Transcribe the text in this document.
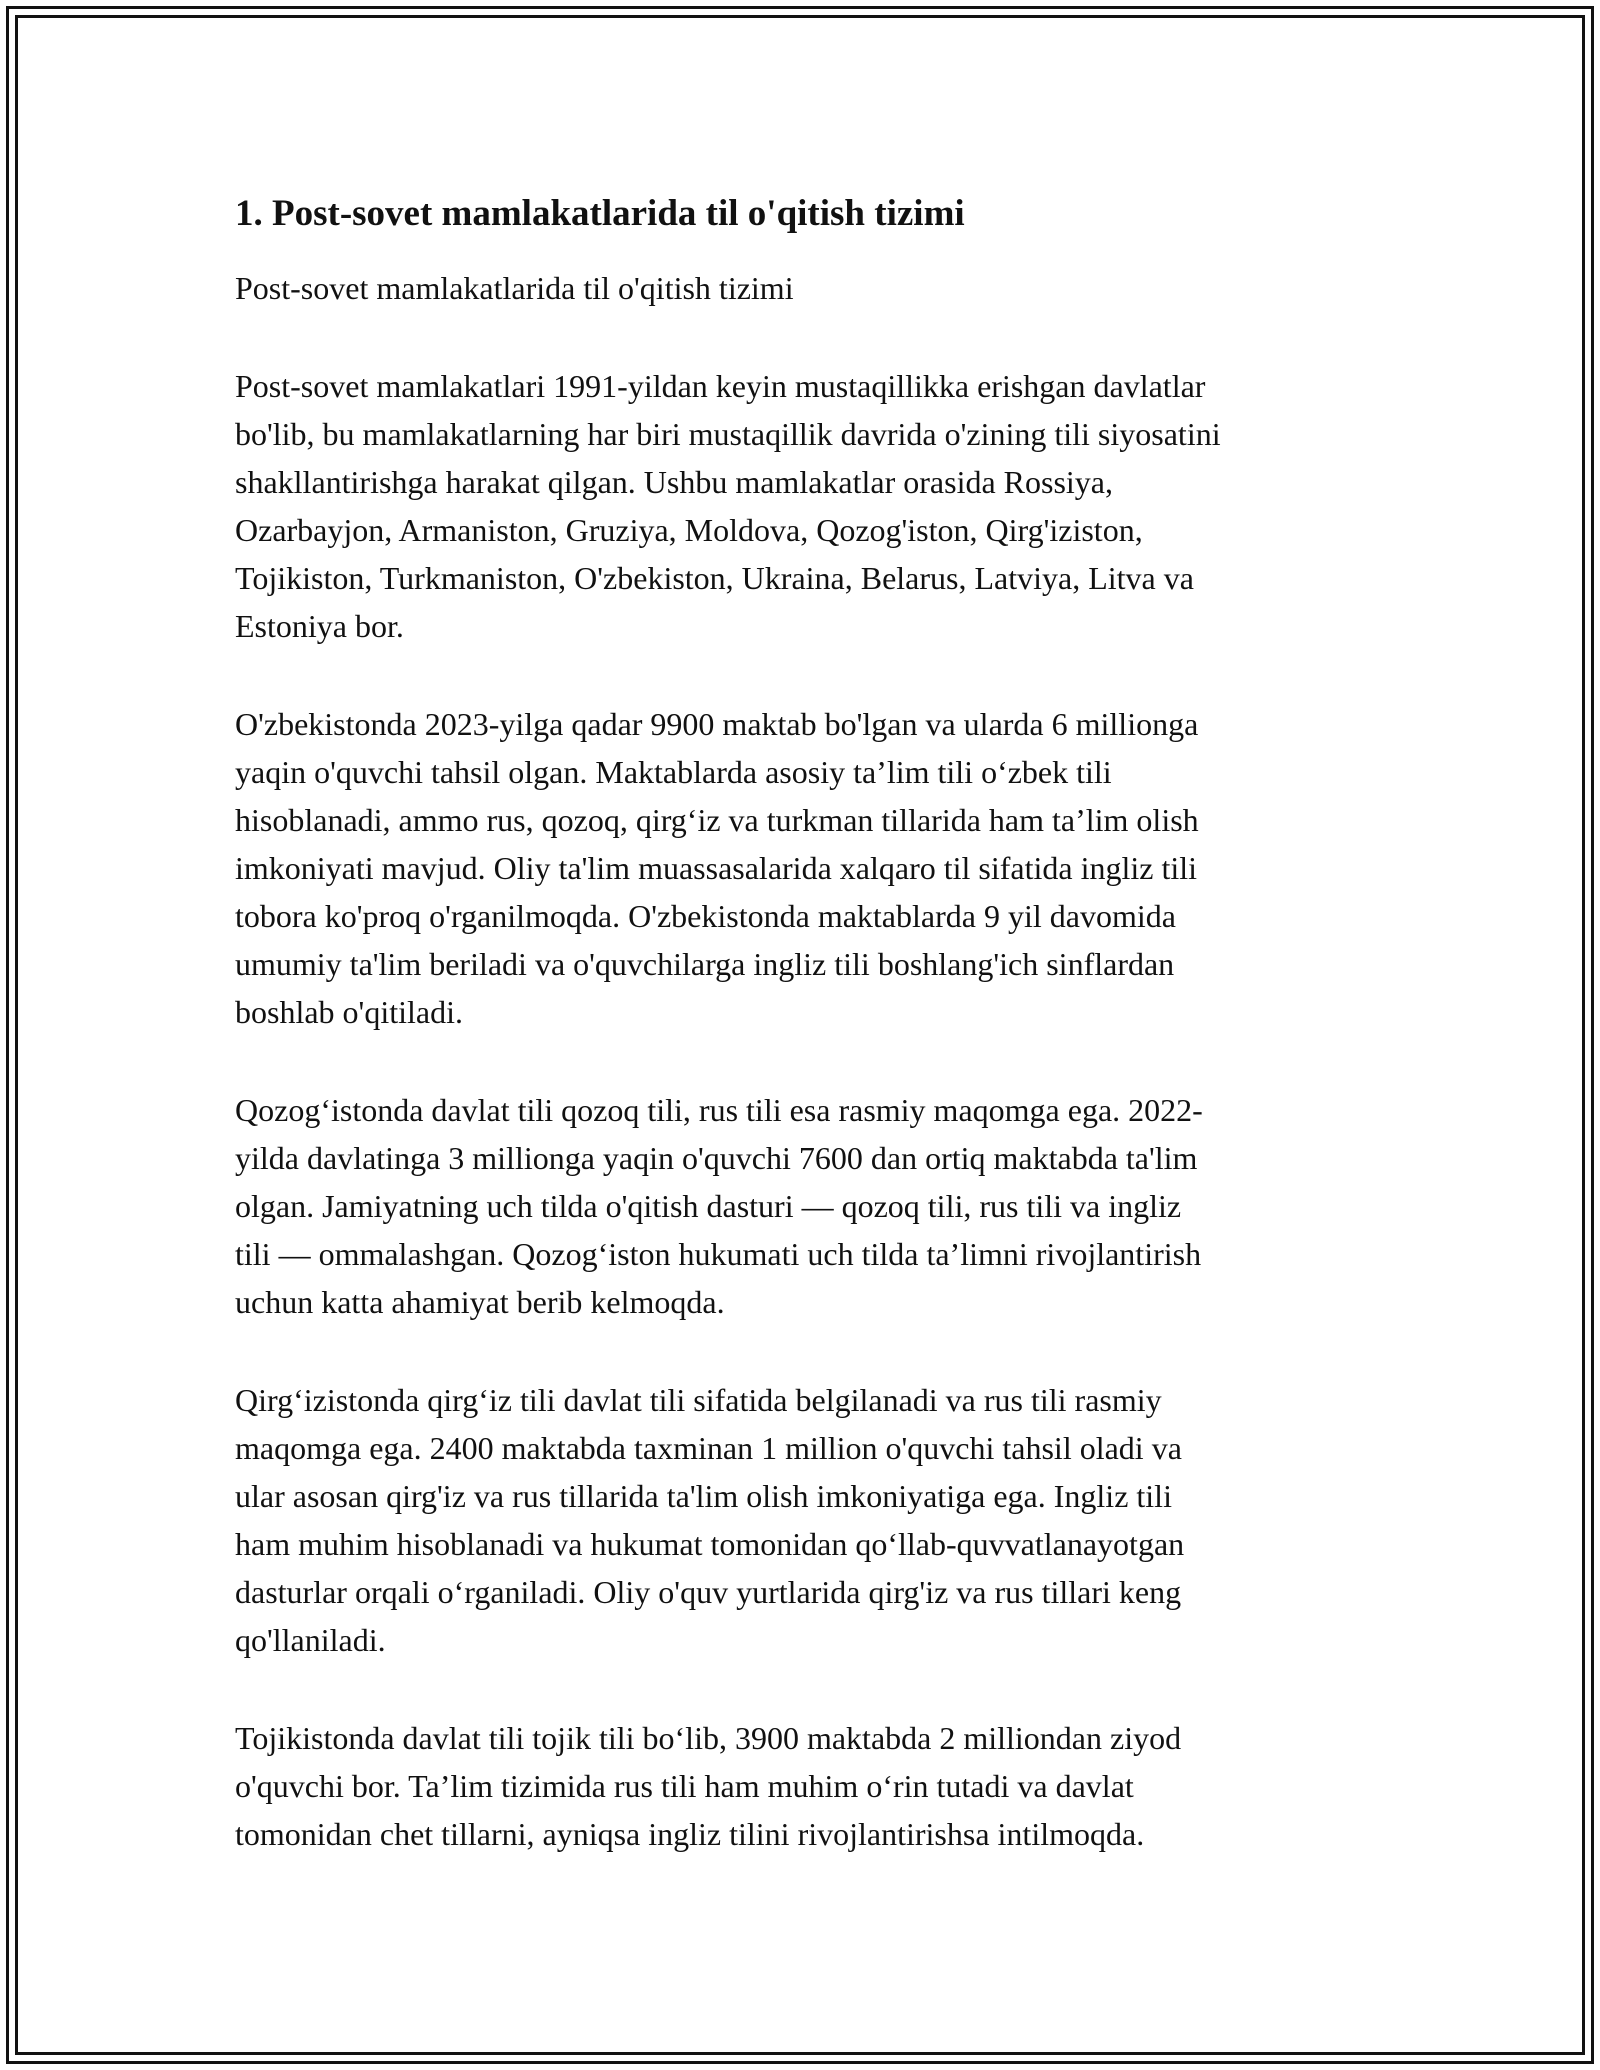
1. Post-sovet mamlakatlarida til o'qitish tizimi
Post-sovet mamlakatlarida til o'qitish tizimi

Post-sovet mamlakatlari 1991-yildan keyin mustaqillikka erishgan davlatlar
bo'lib, bu mamlakatlarning har biri mustaqillik davrida o'zining tili siyosatini
shakllantirishga harakat qilgan. Ushbu mamlakatlar orasida Rossiya,
Ozarbayjon, Armaniston, Gruziya, Moldova, Qozog'iston, Qirg'iziston,
Tojikiston, Turkmaniston, O'zbekiston, Ukraina, Belarus, Latviya, Litva va
Estoniya bor.

O'zbekistonda 2023-yilga qadar 9900 maktab bo'lgan va ularda 6 millionga
yaqin o'quvchi tahsil olgan. Maktablarda asosiy ta’lim tili o‘zbek tili
hisoblanadi, ammo rus, qozoq, qirg‘iz va turkman tillarida ham ta’lim olish
imkoniyati mavjud. Oliy ta'lim muassasalarida xalqaro til sifatida ingliz tili
tobora ko'proq o'rganilmoqda. O'zbekistonda maktablarda 9 yil davomida
umumiy ta'lim beriladi va o'quvchilarga ingliz tili boshlang'ich sinflardan
boshlab o'qitiladi.

Qozog‘istonda davlat tili qozoq tili, rus tili esa rasmiy maqomga ega. 2022-
yilda davlatinga 3 millionga yaqin o'quvchi 7600 dan ortiq maktabda ta'lim
olgan. Jamiyatning uch tilda o'qitish dasturi — qozoq tili, rus tili va ingliz
tili — ommalashgan. Qozog‘iston hukumati uch tilda ta’limni rivojlantirish
uchun katta ahamiyat berib kelmoqda.

Qirg‘izistonda qirg‘iz tili davlat tili sifatida belgilanadi va rus tili rasmiy
maqomga ega. 2400 maktabda taxminan 1 million o'quvchi tahsil oladi va
ular asosan qirg'iz va rus tillarida ta'lim olish imkoniyatiga ega. Ingliz tili
ham muhim hisoblanadi va hukumat tomonidan qo‘llab-quvvatlanayotgan
dasturlar orqali o‘rganiladi. Oliy o'quv yurtlarida qirg'iz va rus tillari keng
qo'llaniladi.

Tojikistonda davlat tili tojik tili bo‘lib, 3900 maktabda 2 milliondan ziyod
o'quvchi bor. Ta’lim tizimida rus tili ham muhim o‘rin tutadi va davlat
tomonidan chet tillarni, ayniqsa ingliz tilini rivojlantirishsa intilmoqda.
